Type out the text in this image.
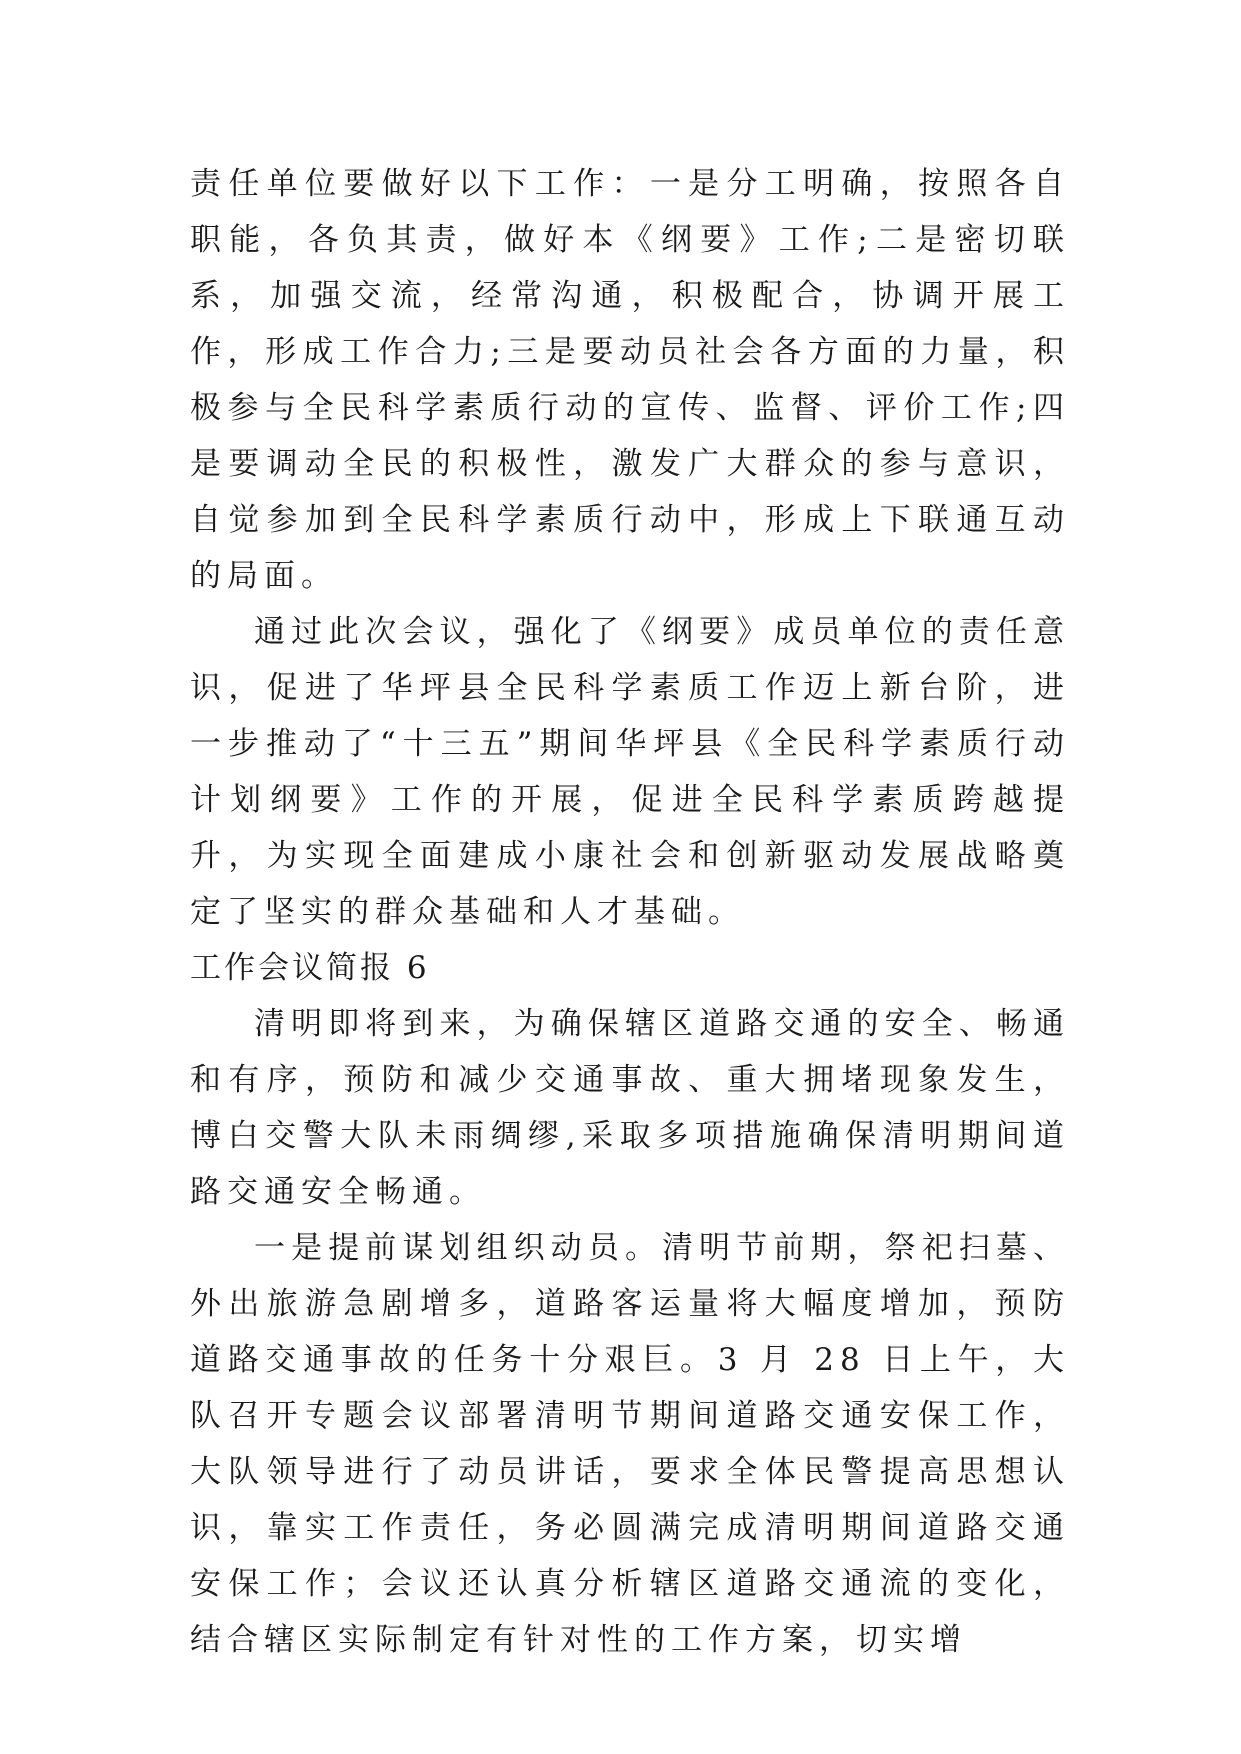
责任单位要做好以下工作：一是分工明确，按照各自职能，各负其责，做好本《纲要》工作;二是密切联系，加强交流，经常沟通，积极配合，协调开展工作，形成工作合力;三是要动员社会各方面的力量，积极参与全民科学素质行动的宣传、监督、评价工作;四是要调动全民的积极性，激发广大群众的参与意识，自觉参加到全民科学素质行动中，形成上下联通互动的局面。

通过此次会议，强化了《纲要》成员单位的责任意识，促进了华坪县全民科学素质工作迈上新台阶，进一步推动了“十三五”期间华坪县《全民科学素质行动计划纲要》工作的开展，促进全民科学素质跨越提升，为实现全面建成小康社会和创新驱动发展战略奠定了坚实的群众基础和人才基础。

工作会议简报 6

清明即将到来，为确保辖区道路交通的安全、畅通和有序，预防和减少交通事故、重大拥堵现象发生，博白交警大队未雨绸缪,采取多项措施确保清明期间道路交通安全畅通。

一是提前谋划组织动员。清明节前期，祭祀扫墓、外出旅游急剧增多，道路客运量将大幅度增加，预防道路交通事故的任务十分艰巨。3 月 28 日上午，大队召开专题会议部署清明节期间道路交通安保工作，大队领导进行了动员讲话，要求全体民警提高思想认识，靠实工作责任，务必圆满完成清明期间道路交通安保工作；会议还认真分析辖区道路交通流的变化，结合辖区实际制定有针对性的工作方案，切实增
